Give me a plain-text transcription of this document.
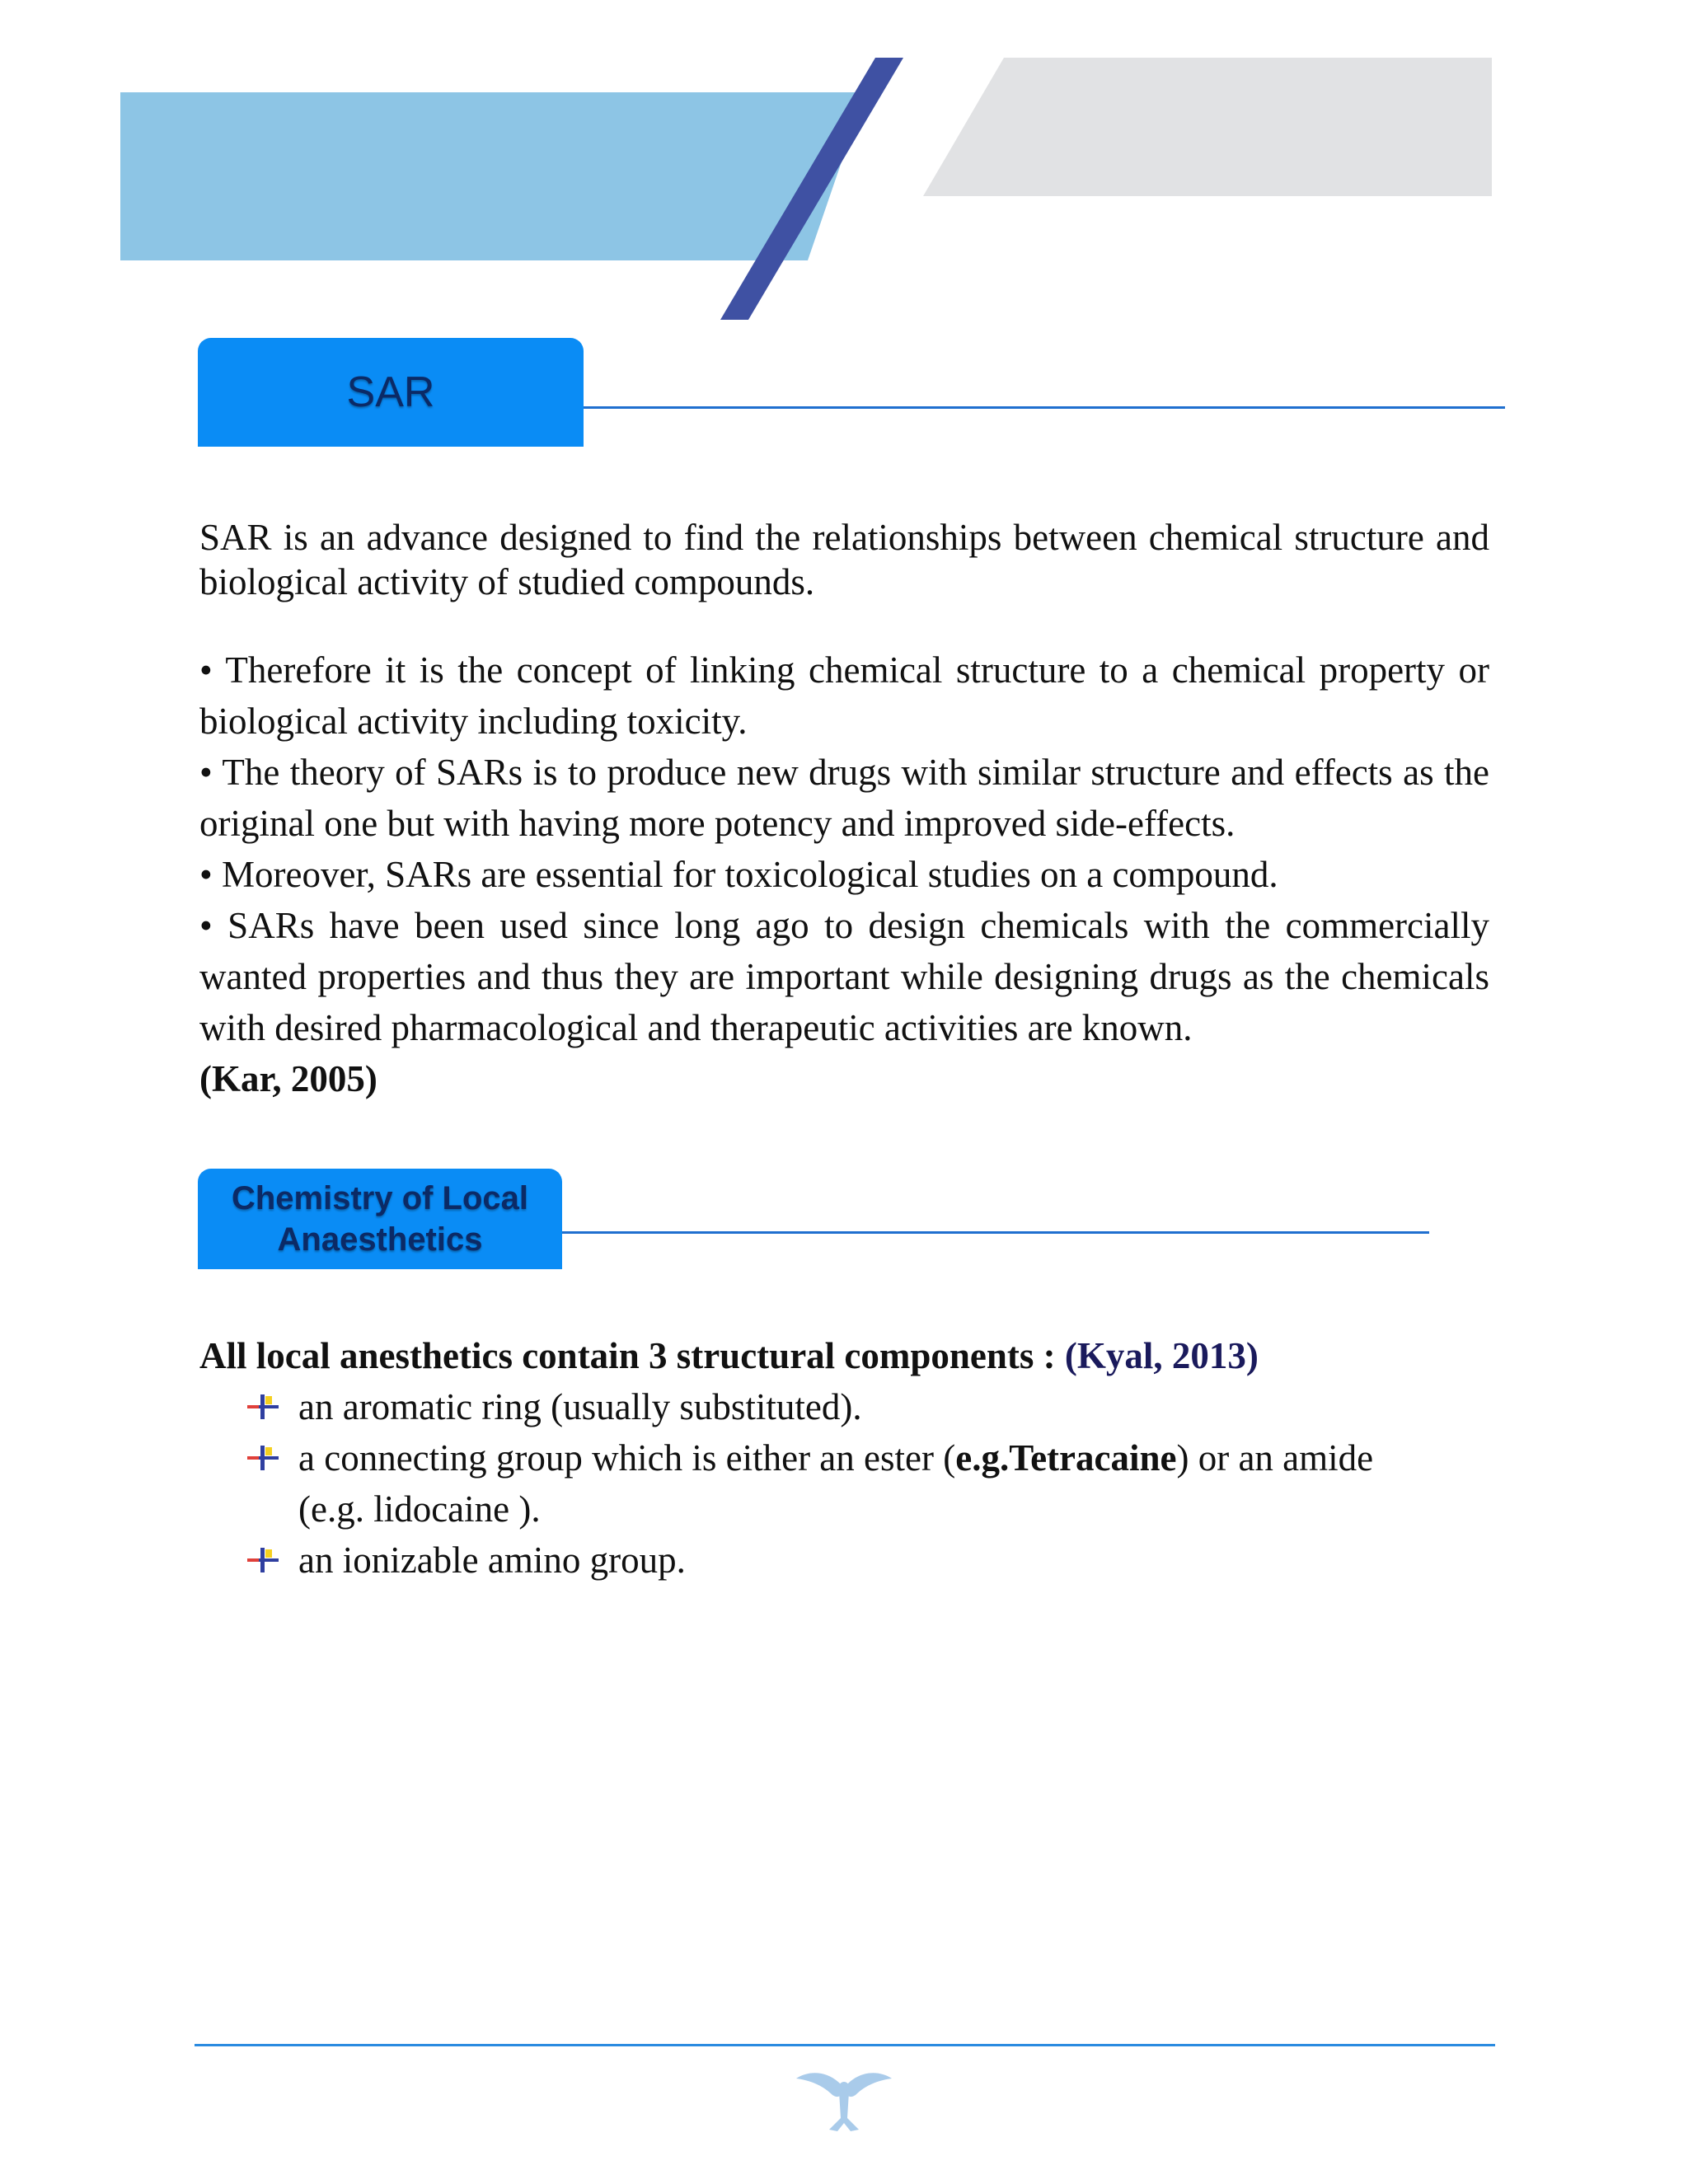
SAR
SAR is an advance designed to find the relationships between chemical structure and biological activity of studied compounds.
• Therefore it is the concept of linking chemical structure to a chemical property or biological activity including toxicity.
• The theory of SARs is to produce new drugs with similar structure and effects as the original one but with having more potency and improved side-effects.
• Moreover, SARs are essential for toxicological studies on a compound.
• SARs have been used since long ago to design chemicals with the commercially wanted properties and thus they are important while designing drugs as the chemicals with desired pharmacological and therapeutic activities are known.
(Kar, 2005)
Chemistry of Local
Anaesthetics
All local anesthetics contain 3 structural components : (Kyal, 2013)
an aromatic ring (usually substituted).
a connecting group which is either an ester (e.g.Tetracaine) or an amide (e.g. lidocaine ).
an ionizable amino group.
